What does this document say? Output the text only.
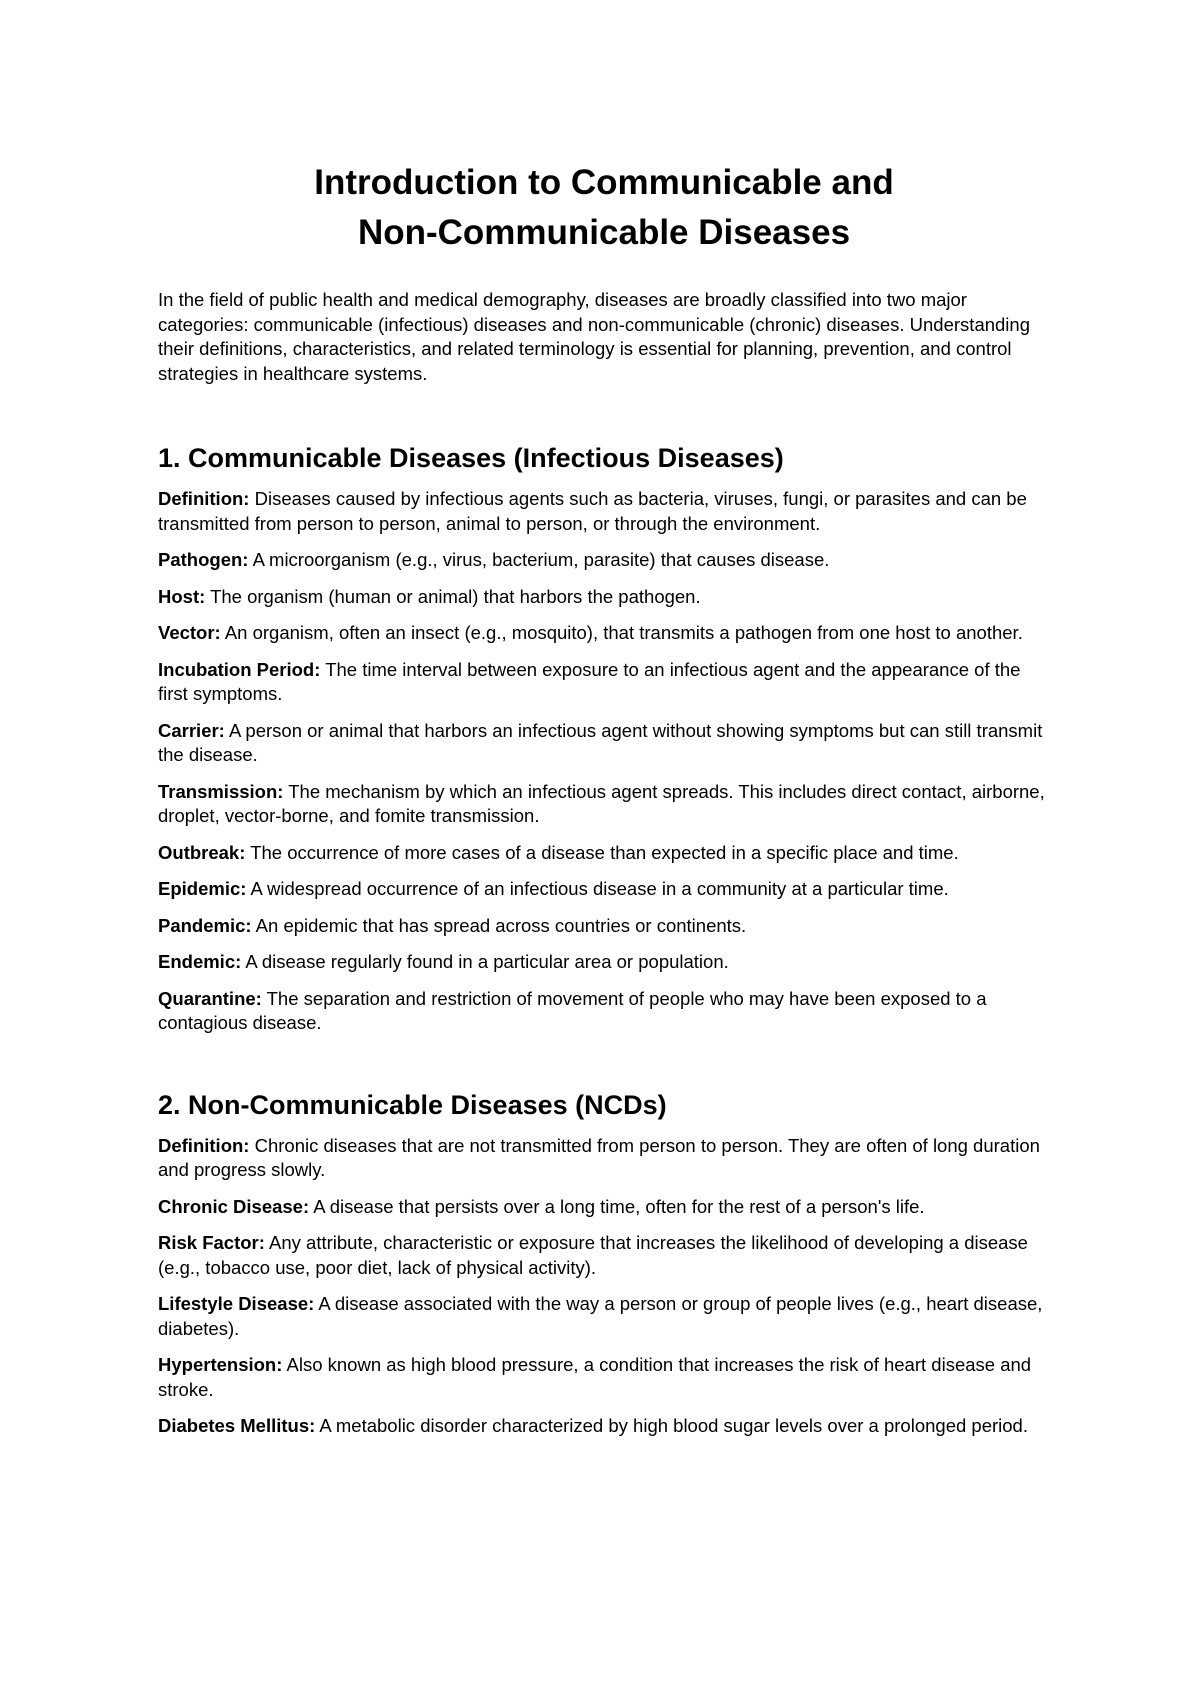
Introduction to Communicable and
Non-Communicable Diseases

In the field of public health and medical demography, diseases are broadly classified into two major categories: communicable (infectious) diseases and non-communicable (chronic) diseases. Understanding their definitions, characteristics, and related terminology is essential for planning, prevention, and control strategies in healthcare systems.

1. Communicable Diseases (Infectious Diseases)
Definition: Diseases caused by infectious agents such as bacteria, viruses, fungi, or parasites and can be transmitted from person to person, animal to person, or through the environment.
Pathogen: A microorganism (e.g., virus, bacterium, parasite) that causes disease.
Host: The organism (human or animal) that harbors the pathogen.
Vector: An organism, often an insect (e.g., mosquito), that transmits a pathogen from one host to another.
Incubation Period: The time interval between exposure to an infectious agent and the appearance of the first symptoms.
Carrier: A person or animal that harbors an infectious agent without showing symptoms but can still transmit the disease.
Transmission: The mechanism by which an infectious agent spreads. This includes direct contact, airborne, droplet, vector-borne, and fomite transmission.
Outbreak: The occurrence of more cases of a disease than expected in a specific place and time.
Epidemic: A widespread occurrence of an infectious disease in a community at a particular time.
Pandemic: An epidemic that has spread across countries or continents.
Endemic: A disease regularly found in a particular area or population.
Quarantine: The separation and restriction of movement of people who may have been exposed to a contagious disease.
2. Non-Communicable Diseases (NCDs)
Definition: Chronic diseases that are not transmitted from person to person. They are often of long duration and progress slowly.
Chronic Disease: A disease that persists over a long time, often for the rest of a person's life.
Risk Factor: Any attribute, characteristic or exposure that increases the likelihood of developing a disease (e.g., tobacco use, poor diet, lack of physical activity).
Lifestyle Disease: A disease associated with the way a person or group of people lives (e.g., heart disease, diabetes).
Hypertension: Also known as high blood pressure, a condition that increases the risk of heart disease and stroke.
Diabetes Mellitus: A metabolic disorder characterized by high blood sugar levels over a prolonged period.
